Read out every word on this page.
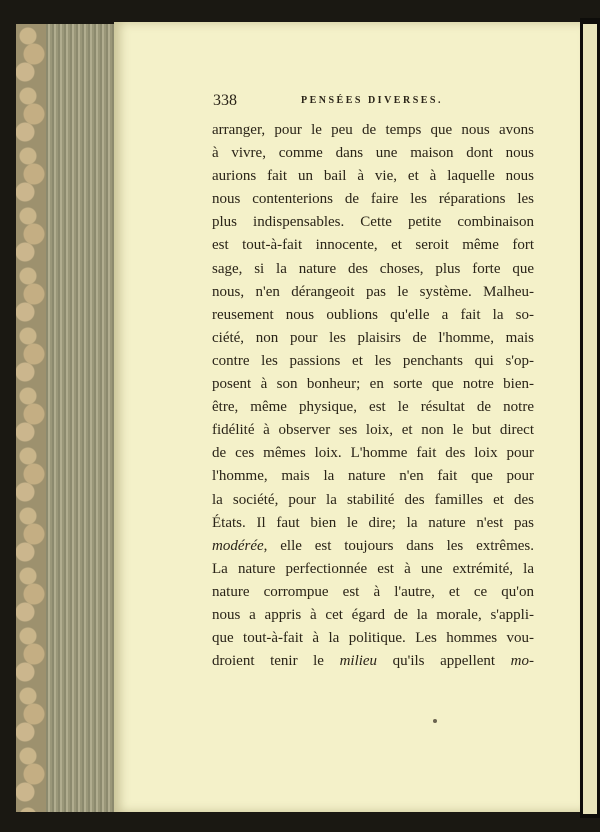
338	PENSÉES DIVERSES.
arranger, pour le peu de temps que nous avons
à vivre, comme dans une maison dont nous
aurions fait un bail à vie, et à laquelle nous
nous contenterions de faire les réparations les
plus indispensables. Cette petite combinaison
est tout-à-fait innocente, et seroit même fort
sage, si la nature des choses, plus forte que
nous, n'en dérangeoit pas le système. Malheu-
reusement nous oublions qu'elle a fait la so-
ciété, non pour les plaisirs de l'homme, mais
contre les passions et les penchants qui s'op-
posent à son bonheur; en sorte que notre bien-
être, même physique, est le résultat de notre
fidélité à observer ses loix, et non le but direct
de ces mêmes loix. L'homme fait des loix pour
l'homme, mais la nature n'en fait que pour
la société, pour la stabilité des familles et des
États. Il faut bien le dire; la nature n'est pas
modérée, elle est toujours dans les extrêmes.
La nature perfectionnée est à une extrémité, la
nature corrompue est à l'autre, et ce qu'on
nous a appris à cet égard de la morale, s'appli-
que tout-à-fait à la politique. Les hommes vou-
droient tenir le milieu qu'ils appellent mo-
